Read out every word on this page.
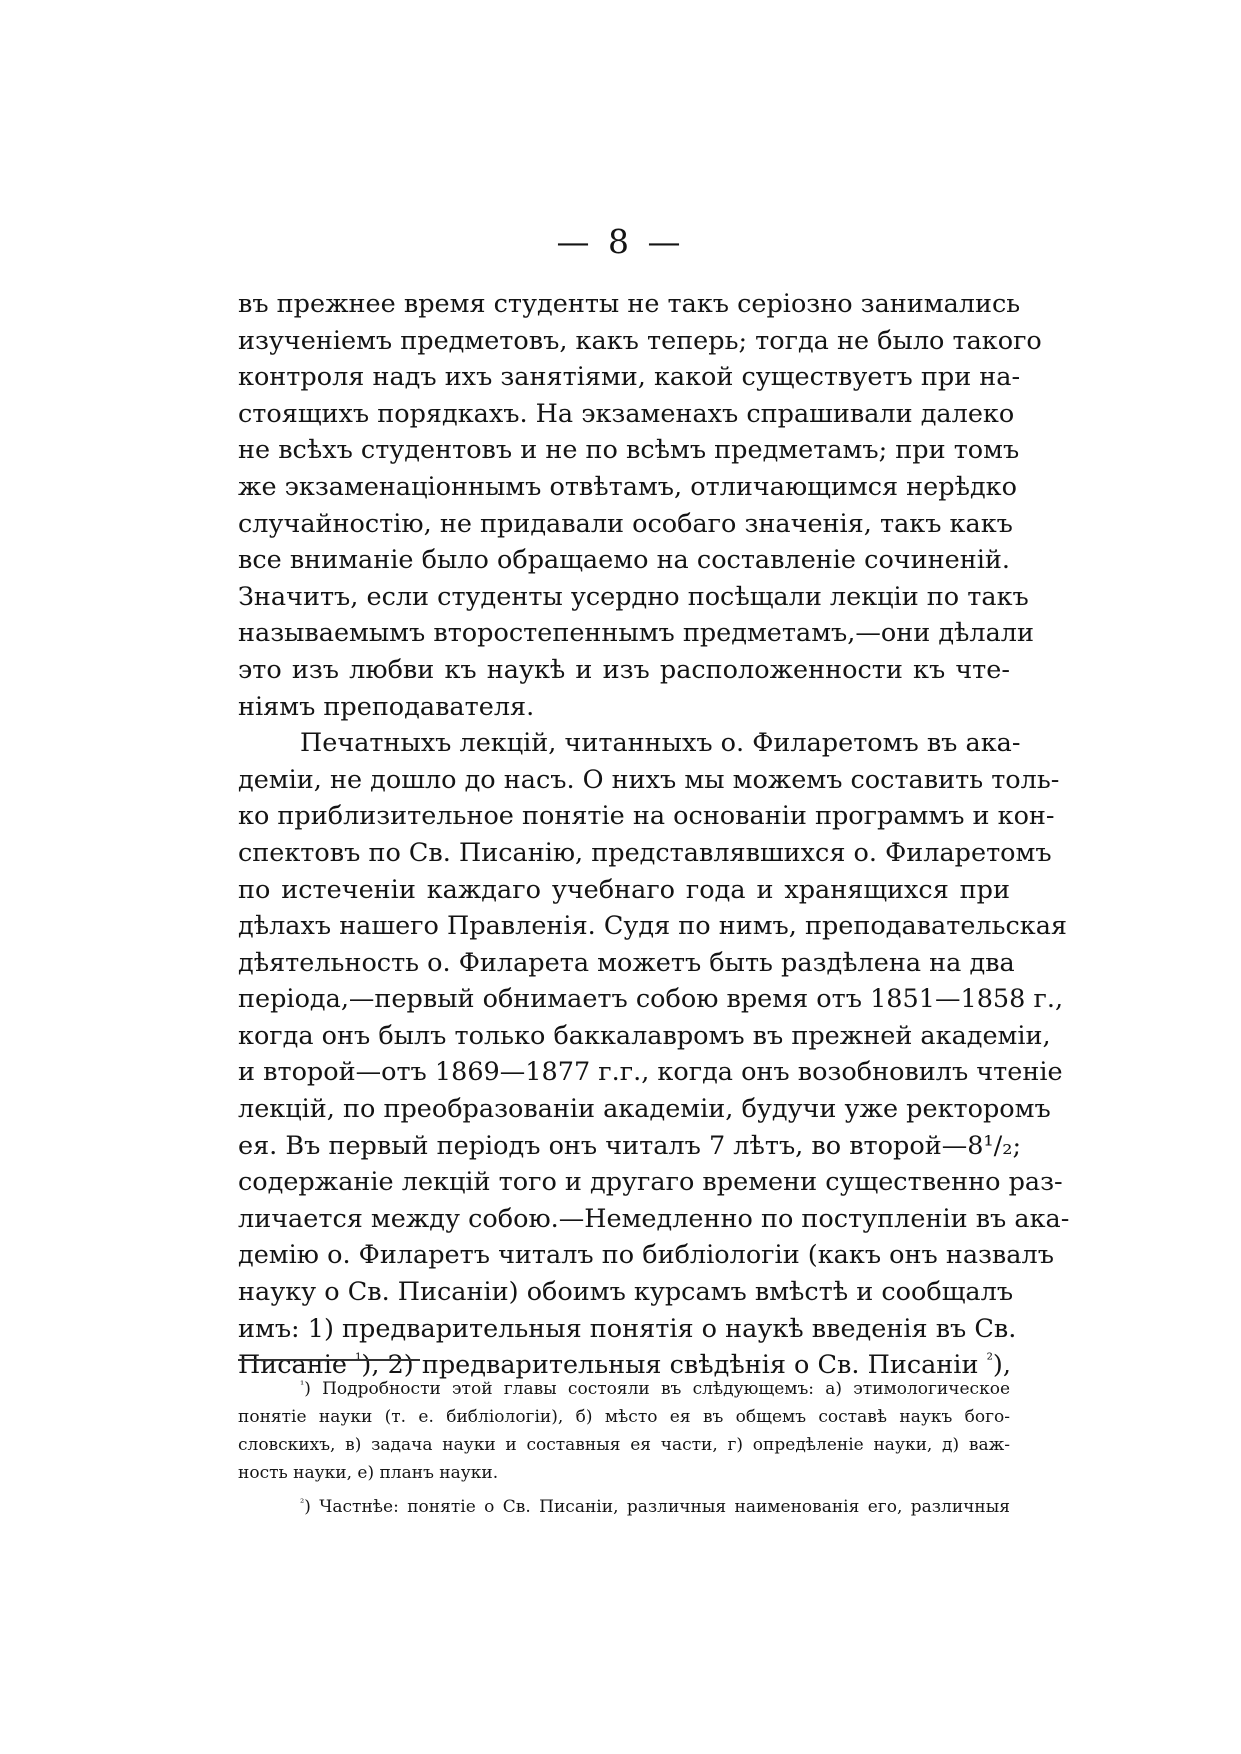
— 8 —
въ прежнее время студенты не такъ серіозно занимались
изученіемъ предметовъ, какъ теперь; тогда не было такого
контроля надъ ихъ занятіями, какой существуетъ при на-
стоящихъ порядкахъ. На экзаменахъ спрашивали далеко
не всѣхъ студентовъ и не по всѣмъ предметамъ; при томъ
же экзаменаціоннымъ отвѣтамъ, отличающимся нерѣдко
случайностію, не придавали особаго значенія, такъ какъ
все вниманіе было обращаемо на составленіе сочиненій.
Значитъ, если студенты усердно посѣщали лекціи по такъ
называемымъ второстепеннымъ предметамъ,—они дѣлали
это изъ любви къ наукѣ и изъ расположенности къ чте-
ніямъ преподавателя.
Печатныхъ лекцій, читанныхъ о. Филаретомъ въ ака-
деміи, не дошло до насъ. О нихъ мы можемъ составить толь-
ко приблизительное понятіе на основаніи программъ и кон-
спектовъ по Св. Писанію, представлявшихся о. Филаретомъ
по истеченіи каждаго учебнаго года и хранящихся при
дѣлахъ нашего Правленія. Судя по нимъ, преподавательская
дѣятельность о. Филарета можетъ быть раздѣлена на два
періода,—первый обнимаетъ собою время отъ 1851—1858 г.,
когда онъ былъ только баккалавромъ въ прежней академіи,
и второй—отъ 1869—1877 г.г., когда онъ возобновилъ чтеніе
лекцій, по преобразованіи академіи, будучи уже ректоромъ
ея. Въ первый періодъ онъ читалъ 7 лѣтъ, во второй—8¹/₂;
содержаніе лекцій того и другаго времени существенно раз-
личается между собою.—Немедленно по поступленіи въ ака-
демію о. Филаретъ читалъ по библіологіи (какъ онъ назвалъ
науку о Св. Писаніи) обоимъ курсамъ вмѣстѣ и сообщалъ
имъ: 1) предварительныя понятія о наукѣ введенія въ Св.
Писаніе $^{^1}$), 2) предварительныя свѣдѣнія о Св. Писаніи $^{^2}$),
$^{^1}$) Подробности этой главы состояли въ слѣдующемъ: а) этимологическое
понятіе науки (т. е. библіологіи), б) мѣсто ея въ общемъ составѣ наукъ бого-
словскихъ, в) задача науки и составныя ея части, г) опредѣленіе науки, д) важ-
ность науки, е) планъ науки.
$^{^2}$) Частнѣе: понятіе о Св. Писаніи, различныя наименованія его, различныя
